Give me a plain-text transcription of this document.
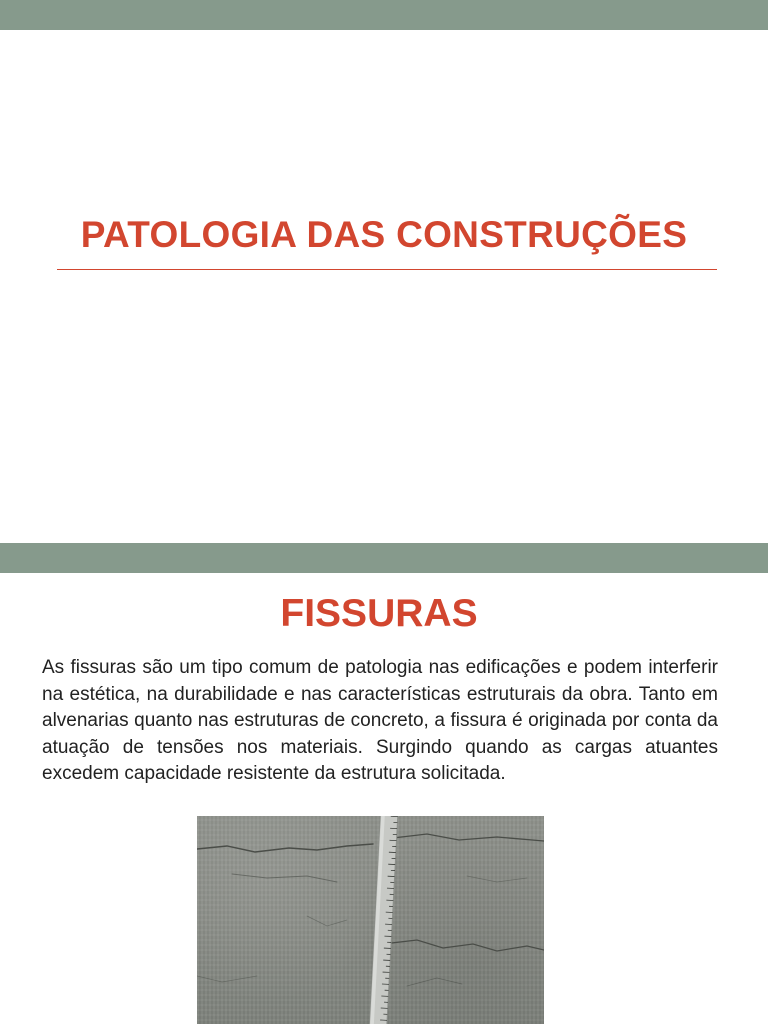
PATOLOGIA DAS CONSTRUÇÕES
FISSURAS

As fissuras são um tipo comum de patologia nas edificações e podem interferir na estética, na durabilidade e nas características estruturais da obra. Tanto em alvenarias quanto nas estruturas de concreto, a fissura é originada por conta da atuação de tensões nos materiais. Surgindo quando as cargas atuantes excedem capacidade resistente da estrutura solicitada.
